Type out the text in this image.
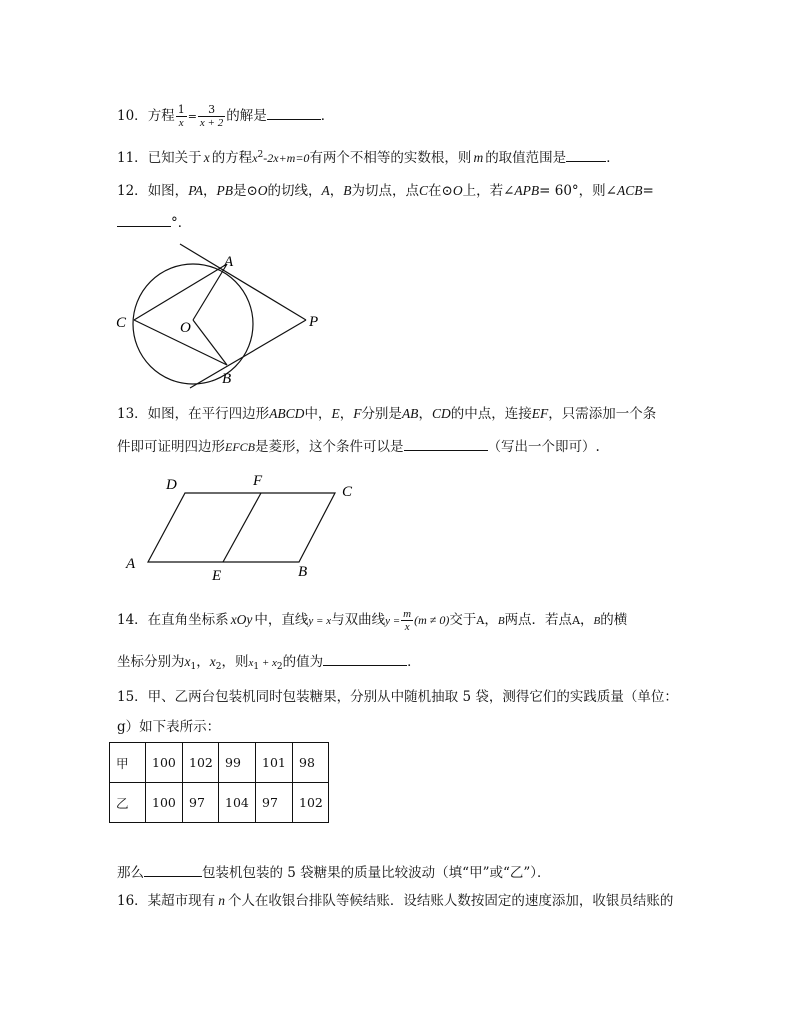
10．方程 $\frac{1}{x} = \frac{3}{x + 2}$ 的解是	．
11．已知关于 x 的方程$x^2-2x+m=0$有两个不相等的实数根，则 m 的取值范围是	．
12．如图，PA，PB是⊙O的切线，A，B为切点，点C在⊙O上，若∠APB= 60°，则∠ACB=
°．
A
B
C	O	P
13．如图，在平行四边形ABCD中，E，F分别是AB，CD的中点，连接EF，只需添加一个条
件即可证明四边形EFCB是菱形，这个条件可以是	（写出一个即可）.
A	B
C
D
E
F
14．在直角坐标系 xOy 中，直线y = x与双曲线$y = \frac{m}{x} (m \ne 0)$交于A，B两点．若点A，B的横
坐标分别为$x_1$，$x_2$，则$x_1 + x_2$的值为	．
15．甲、乙两台包装机同时包装糖果，分别从中随机抽取 5 袋，测得它们的实践质量（单位：
g）如下表所示：
甲	100	102	99	101	98
乙	100	97	104	97	102
那么	包装机包装的 5 袋糖果的质量比较波动（填“甲”或“乙”）．
16．某超市现有 n 个人在收银台排队等候结账．设结账人数按固定的速度添加，收银员结账的
